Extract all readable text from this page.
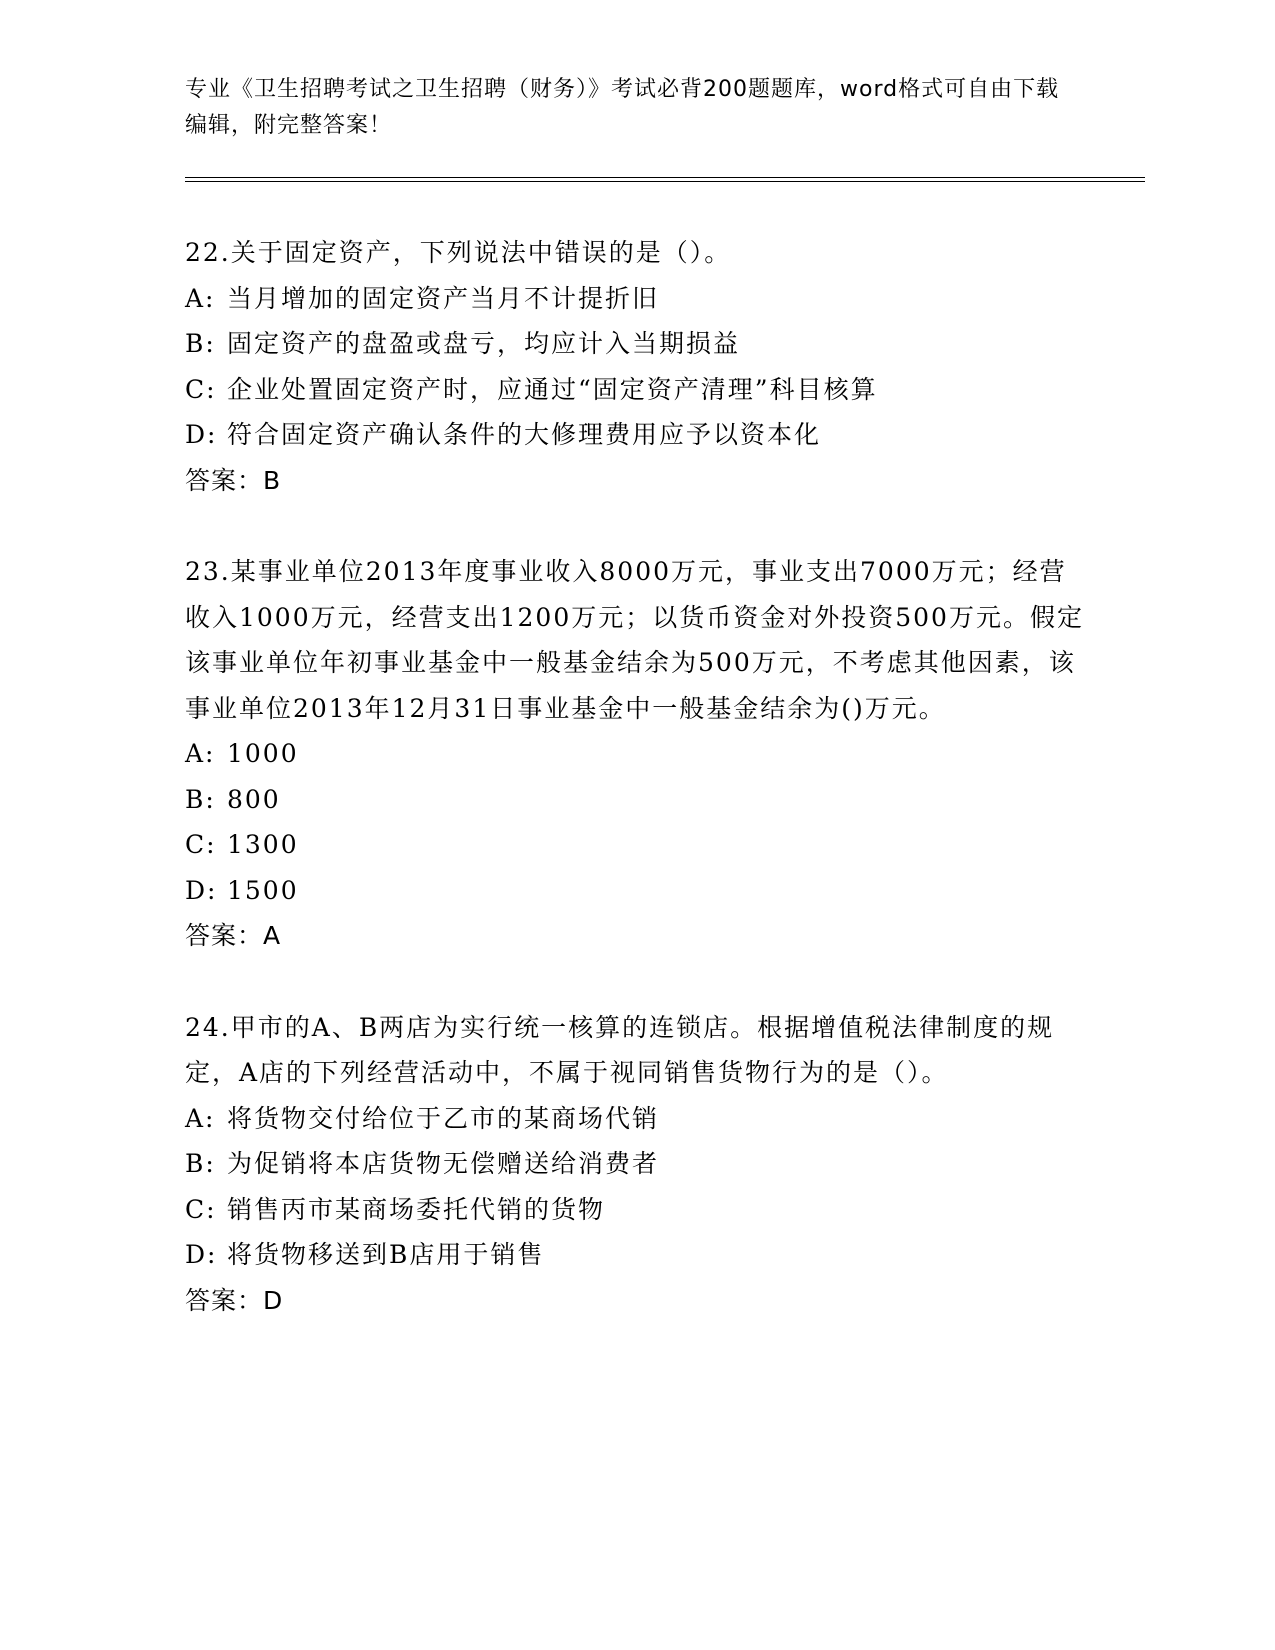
专业《卫生招聘考试之卫生招聘（财务）》考试必背200题题库，word格式可自由下载编辑，附完整答案！

22.关于固定资产，下列说法中错误的是（）。

A: 当月增加的固定资产当月不计提折旧

B: 固定资产的盘盈或盘亏，均应计入当期损益

C: 企业处置固定资产时，应通过“固定资产清理”科目核算

D: 符合固定资产确认条件的大修理费用应予以资本化

答案：B

23.某事业单位2013年度事业收入8000万元，事业支出7000万元；经营收入1000万元，经营支出1200万元；以货币资金对外投资500万元。假定该事业单位年初事业基金中一般基金结余为500万元，不考虑其他因素，该事业单位2013年12月31日事业基金中一般基金结余为()万元。

A: 1000

B: 800

C: 1300

D: 1500

答案：A

24.甲市的A、B两店为实行统一核算的连锁店。根据增值税法律制度的规定，A店的下列经营活动中，不属于视同销售货物行为的是（）。

A: 将货物交付给位于乙市的某商场代销

B: 为促销将本店货物无偿赠送给消费者

C: 销售丙市某商场委托代销的货物

D: 将货物移送到B店用于销售

答案：D
